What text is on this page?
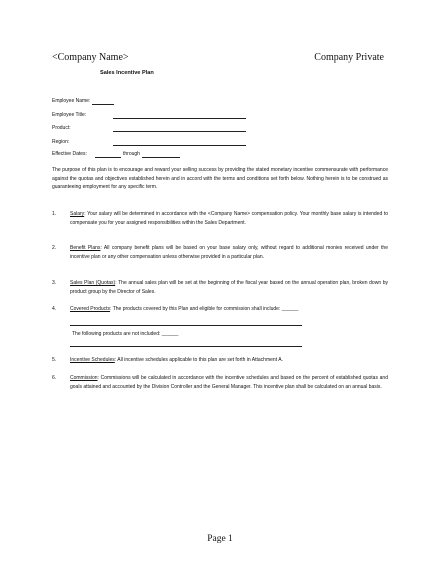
<Company Name>	Company Private
Sales Incentive Plan
Employee Name:
Employee Title:
Product:
Region:
Effective Dates:	through
The purpose of this plan is to encourage and reward your selling success by providing the stated monetary incentive commensurate with performance against the quotas and objectives established herein and in accord with the terms and conditions set forth below. Nothing herein is to be construed as guaranteeing employment for any specific term.
1.	Salary: Your salary will be determined in accordance with the <Company Name> compensation policy. Your monthly base salary is intended to compensate you for your assigned responsibilities within the Sales Department.
2.	Benefit Plans: All company benefit plans will be based on your base salary only, without regard to additional monies received under the incentive plan or any other compensation unless otherwise provided in a particular plan.
3.	Sales Plan (Quotas): The annual sales plan will be set at the beginning of the fiscal year based on the annual operation plan, broken down by product group by the Director of Sales.
4.	Covered Products: The products covered by this Plan and eligible for commission shall include: ______
The following products are not included: ______
5.	Incentive Schedules: All incentive schedules applicable to this plan are set forth in Attachment A.
6.	Commission: Commissions will be calculated in accordance with the incentive schedules and based on the percent of established quotas and goals attained and accounted by the Division Controller and the General Manager. This incentive plan shall be calculated on an annual basis.
Page 1
